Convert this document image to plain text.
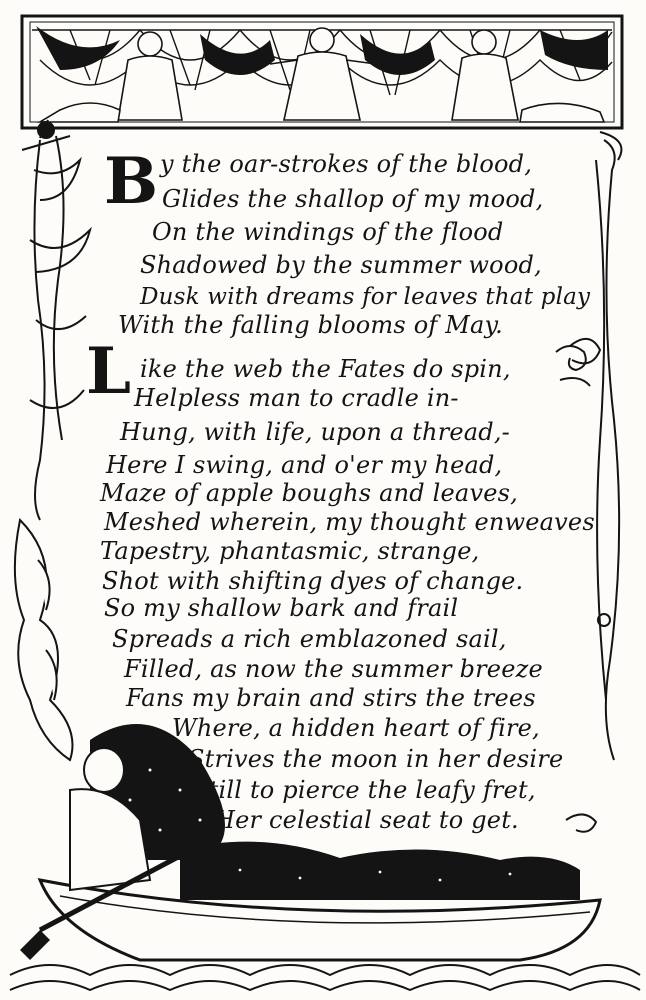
B y the oar-strokes of the blood,
Glides the shallop of my mood,
On the windings of the flood
Shadowed by the summer wood,
Dusk with dreams for leaves that play
With the falling blooms of May.
L ike the web the Fates do spin,
Helpless man to cradle in-
Hung, with life, upon a thread,-
Here I swing, and o'er my head,
Maze of apple boughs and leaves,
Meshed wherein, my thought enweaves
Tapestry, phantasmic, strange,
Shot with shifting dyes of change.
So my shallow bark and frail
Spreads a rich emblazoned sail,
Filled, as now the summer breeze
Fans my brain and stirs the trees
Where, a hidden heart of fire,
Strives the moon in her desire
Still to pierce the leafy fret,
Her celestial seat to get.
